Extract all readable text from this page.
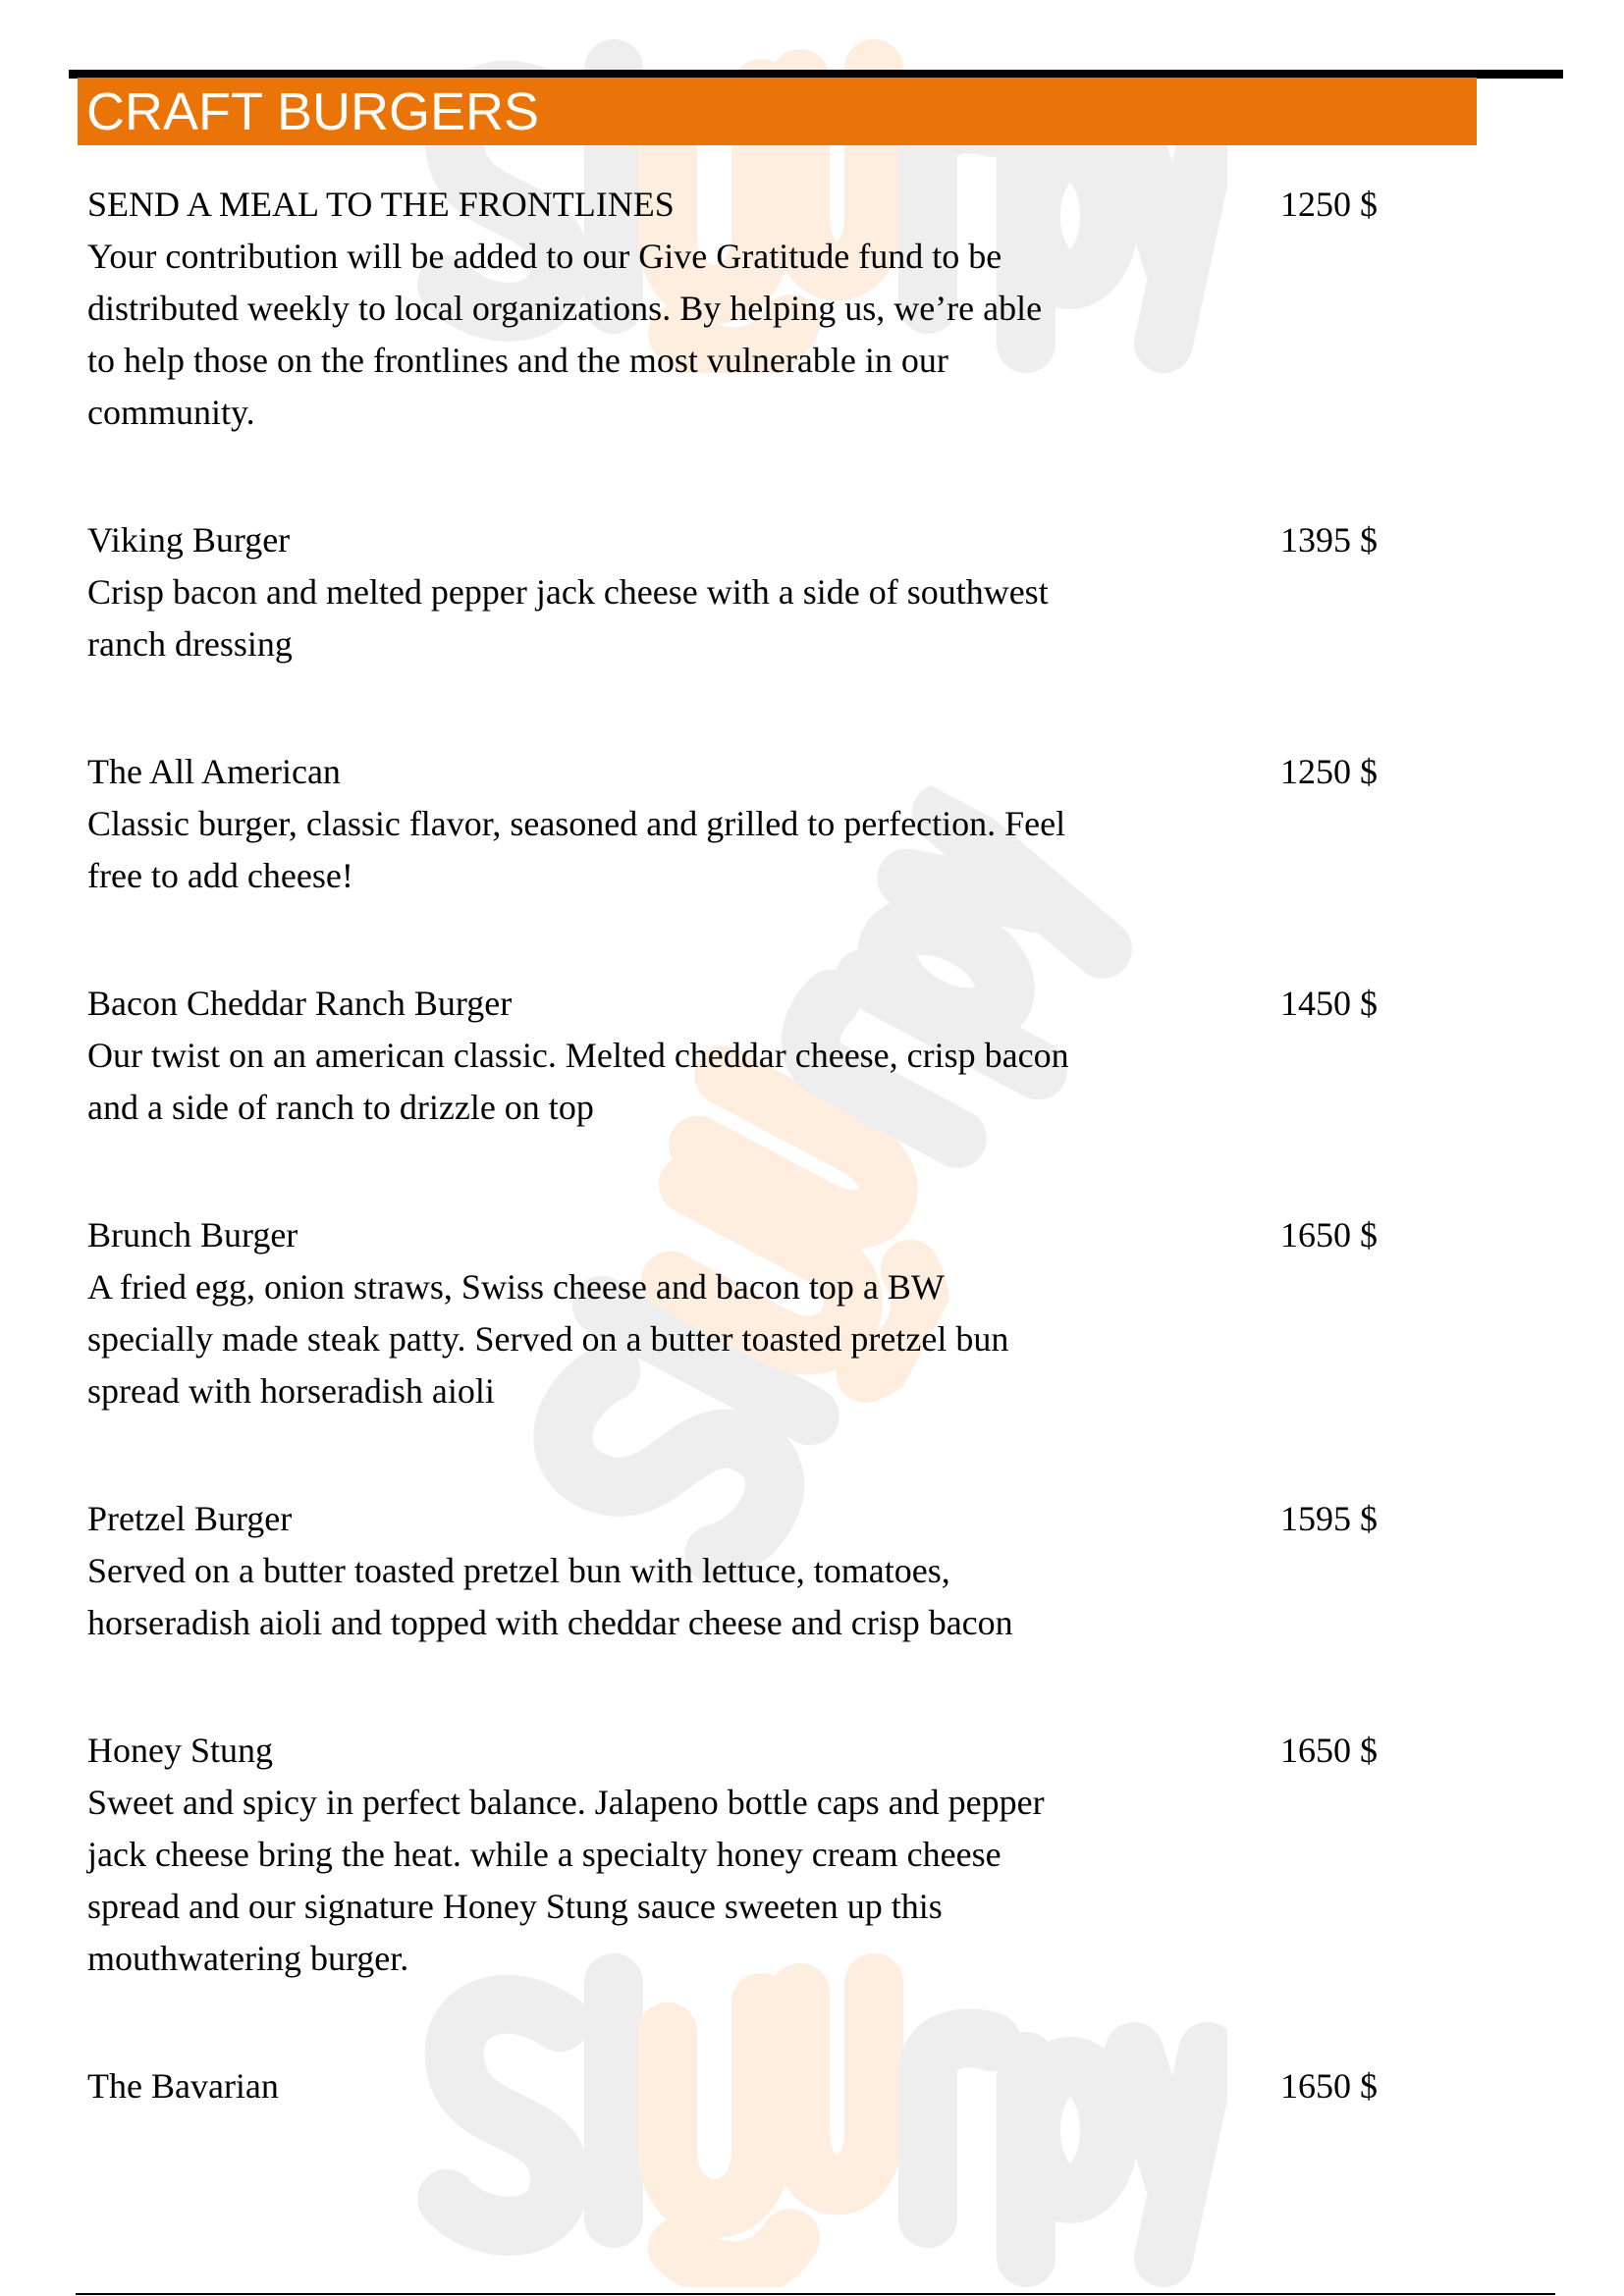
CRAFT BURGERS
SEND A MEAL TO THE FRONTLINES	1250 $
Your contribution will be added to our Give Gratitude fund to be
distributed weekly to local organizations. By helping us, we’re able
to help those on the frontlines and the most vulnerable in our
community.
Viking Burger	1395 $
Crisp bacon and melted pepper jack cheese with a side of southwest
ranch dressing
The All American	1250 $
Classic burger, classic flavor, seasoned and grilled to perfection. Feel
free to add cheese!
Bacon Cheddar Ranch Burger	1450 $
Our twist on an american classic. Melted cheddar cheese, crisp bacon
and a side of ranch to drizzle on top
Brunch Burger	1650 $
A fried egg, onion straws, Swiss cheese and bacon top a BW
specially made steak patty. Served on a butter toasted pretzel bun
spread with horseradish aioli
Pretzel Burger	1595 $
Served on a butter toasted pretzel bun with lettuce, tomatoes,
horseradish aioli and topped with cheddar cheese and crisp bacon
Honey Stung	1650 $
Sweet and spicy in perfect balance. Jalapeno bottle caps and pepper
jack cheese bring the heat. while a specialty honey cream cheese
spread and our signature Honey Stung sauce sweeten up this
mouthwatering burger.
The Bavarian	1650 $
